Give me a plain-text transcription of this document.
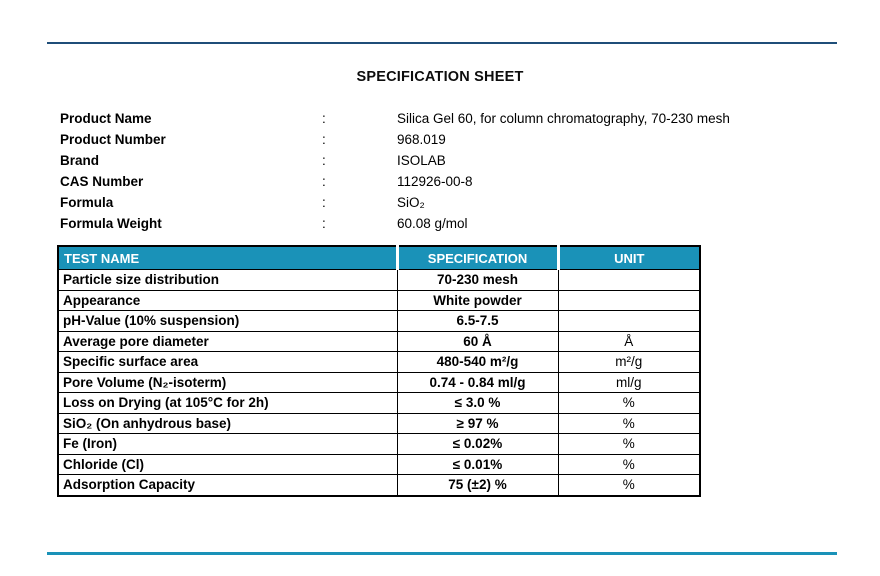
SPECIFICATION SHEET
Product Name	:	Silica Gel 60, for column chromatography, 70-230 mesh
Product Number	:	968.019
Brand	:	ISOLAB
CAS Number	:	112926-00-8
Formula	:	SiO₂
Formula Weight	:	60.08 g/mol
TEST NAME	SPECIFICATION	UNIT
Particle size distribution	70-230 mesh	
Appearance	White powder	
pH-Value (10% suspension)	6.5-7.5	
Average pore diameter	60 Å	Å
Specific surface area	480-540 m²/g	m²/g
Pore Volume (N₂-isoterm)	0.74 - 0.84 ml/g	ml/g
Loss on Drying (at 105°C for 2h)	≤ 3.0 %	%
SiO₂ (On anhydrous base)	≥ 97 %	%
Fe (Iron)	≤ 0.02%	%
Chloride (Cl)	≤ 0.01%	%
Adsorption Capacity	75 (±2) %	%
